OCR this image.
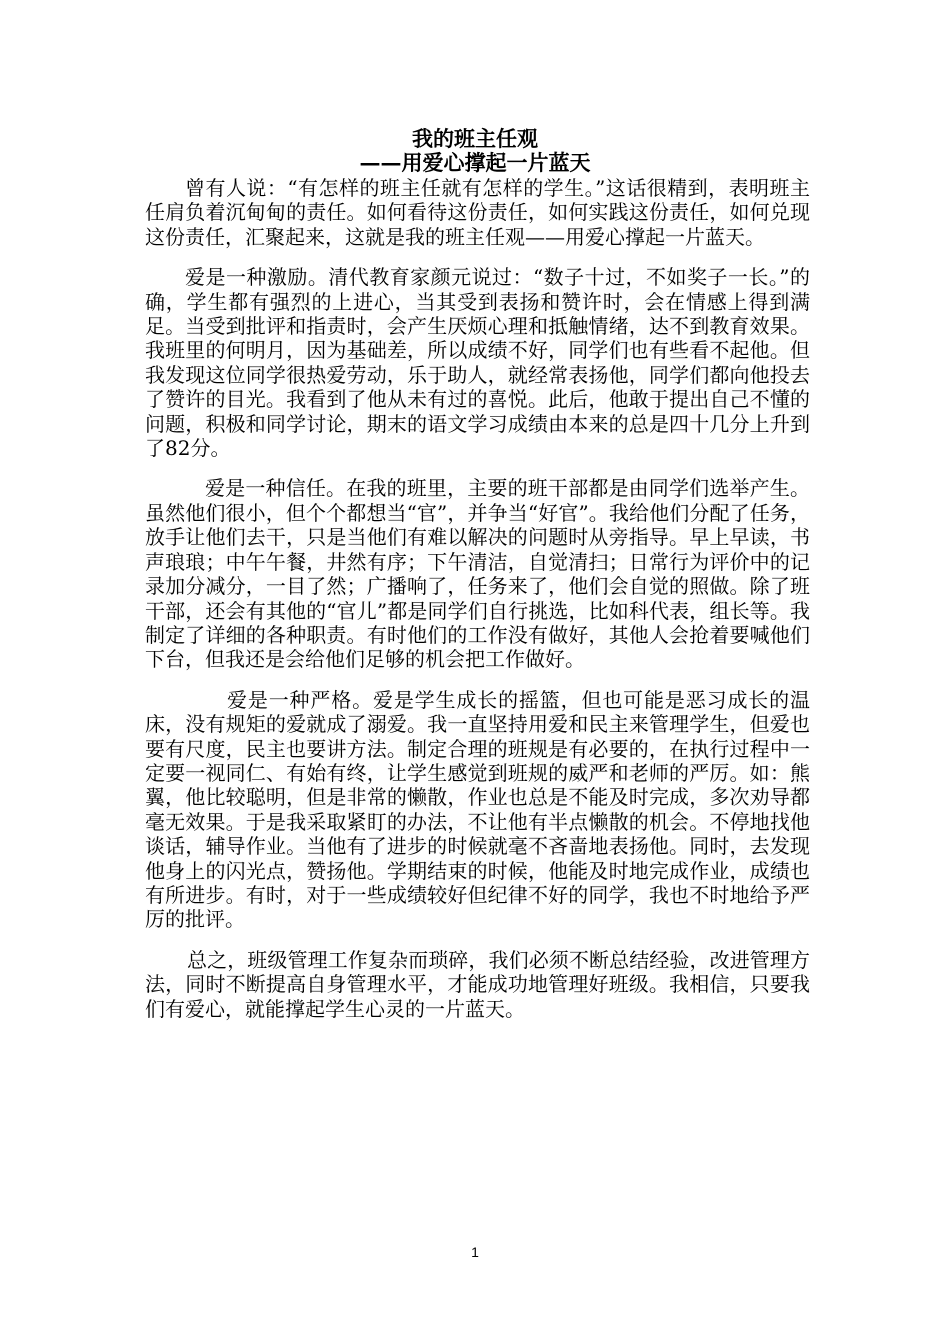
我的班主任观
——用爱心撑起一片蓝天

曾有人说：“有怎样的班主任就有怎样的学生。”这话很精到，表明班主任肩负着沉甸甸的责任。如何看待这份责任，如何实践这份责任，如何兑现这份责任，汇聚起来，这就是我的班主任观——用爱心撑起一片蓝天。

爱是一种激励。清代教育家颜元说过：“数子十过，不如奖子一长。”的确，学生都有强烈的上进心，当其受到表扬和赞许时，会在情感上得到满足。当受到批评和指责时，会产生厌烦心理和抵触情绪，达不到教育效果。我班里的何明月，因为基础差，所以成绩不好，同学们也有些看不起他。但我发现这位同学很热爱劳动，乐于助人，就经常表扬他，同学们都向他投去了赞许的目光。我看到了他从未有过的喜悦。此后，他敢于提出自己不懂的问题，积极和同学讨论，期末的语文学习成绩由本来的总是四十几分上升到了82分。

爱是一种信任。在我的班里，主要的班干部都是由同学们选举产生。虽然他们很小，但个个都想当“官”，并争当“好官”。我给他们分配了任务，放手让他们去干，只是当他们有难以解决的问题时从旁指导。早上早读，书声琅琅；中午午餐，井然有序；下午清洁，自觉清扫；日常行为评价中的记录加分减分，一目了然；广播响了，任务来了，他们会自觉的照做。除了班干部，还会有其他的“官儿”都是同学们自行挑选，比如科代表，组长等。我制定了详细的各种职责。有时他们的工作没有做好，其他人会抢着要喊他们下台，但我还是会给他们足够的机会把工作做好。

爱是一种严格。爱是学生成长的摇篮，但也可能是恶习成长的温床，没有规矩的爱就成了溺爱。我一直坚持用爱和民主来管理学生，但爱也要有尺度，民主也要讲方法。制定合理的班规是有必要的，在执行过程中一定要一视同仁、有始有终，让学生感觉到班规的威严和老师的严厉。如：熊翼，他比较聪明，但是非常的懒散，作业也总是不能及时完成，多次劝导都毫无效果。于是我采取紧盯的办法，不让他有半点懒散的机会。不停地找他谈话，辅导作业。当他有了进步的时候就毫不吝啬地表扬他。同时，去发现他身上的闪光点，赞扬他。学期结束的时候，他能及时地完成作业，成绩也有所进步。有时，对于一些成绩较好但纪律不好的同学，我也不时地给予严厉的批评。

总之，班级管理工作复杂而琐碎，我们必须不断总结经验，改进管理方法，同时不断提高自身管理水平，才能成功地管理好班级。我相信，只要我们有爱心，就能撑起学生心灵的一片蓝天。

1
